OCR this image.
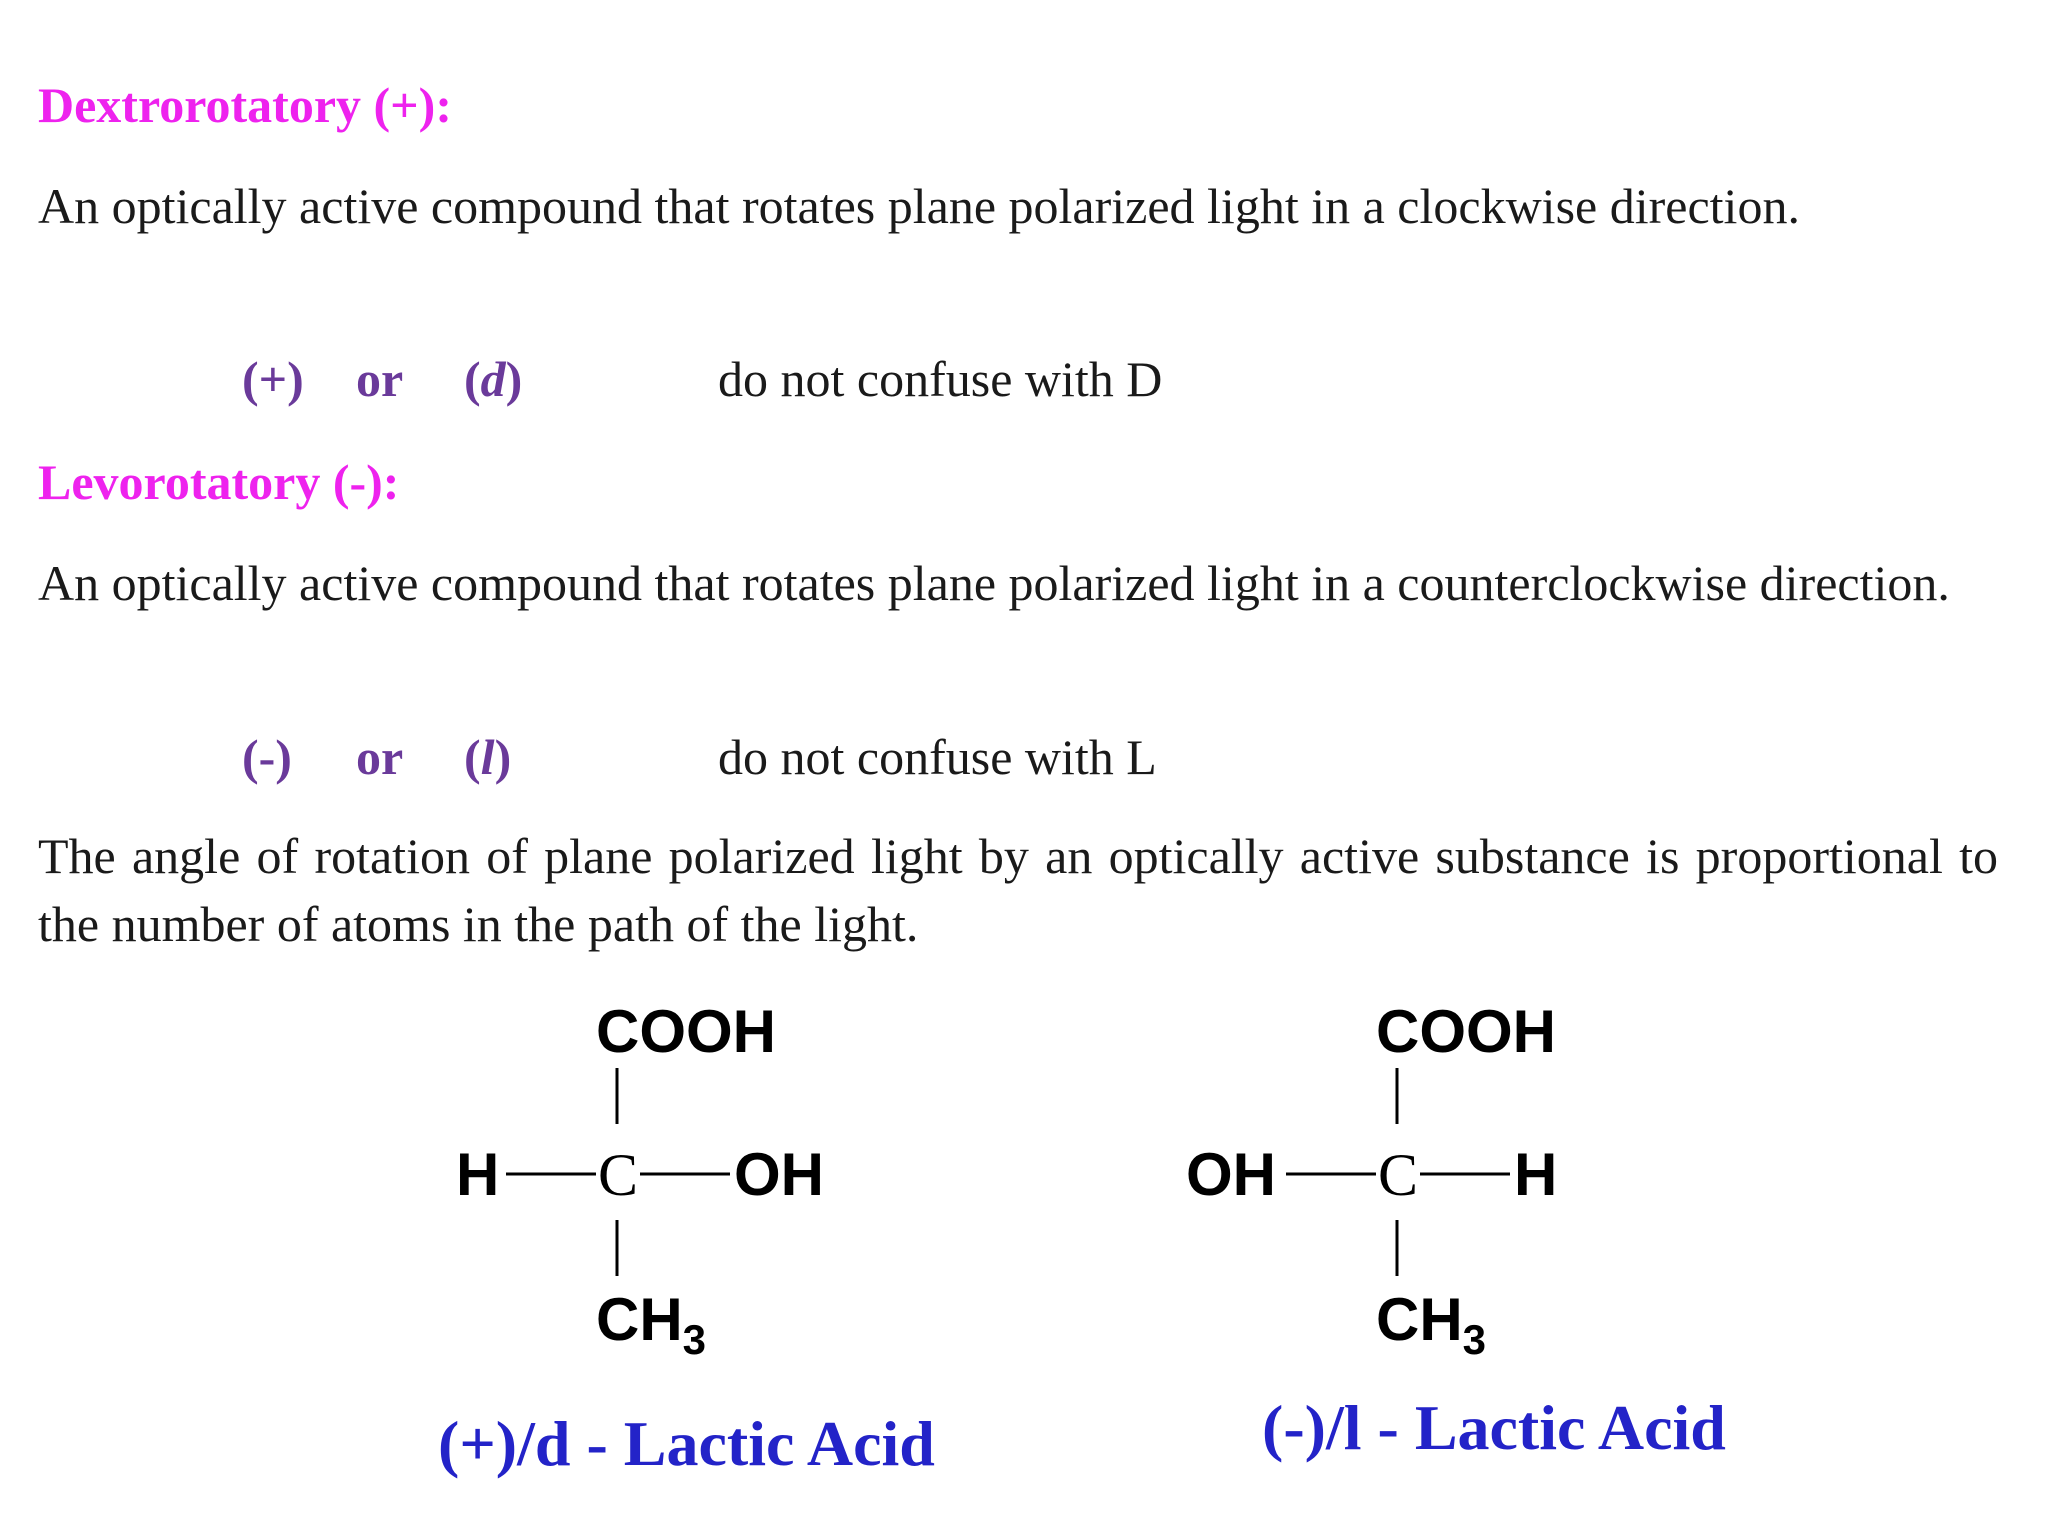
Dextrorotatory (+):

An optically active compound that rotates plane polarized light in a clockwise direction.

(+) or (d)	do not confuse with D
Levorotatory (-):

An optically active compound that rotates plane polarized light in a counterclockwise direction.

(-) or (l)	do not confuse with L

The angle of rotation of plane polarized light by an optically active substance is proportional to the number of atoms in the path of the light.

COOH
H C OH
$CH_3$
(+)/d - Lactic Acid
COOH
OH C H
$CH_3$
(-)/l - Lactic Acid
